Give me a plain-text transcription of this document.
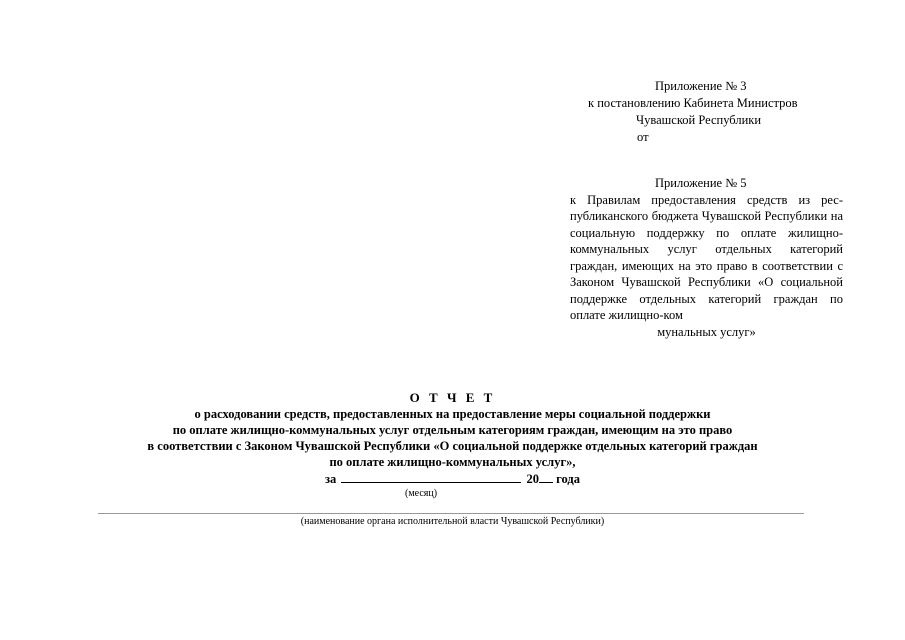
Приложение № 3
к постановлению Кабинета Министров
Чувашской Республики
от
Приложение № 5
к Правилам предоставления средств из республиканского бюджета Чувашской Республики на социальную поддержку по оплате жилищно-коммунальных услуг отдельных категорий граждан, имеющих на это право в соответствии с Законом Чувашской Республики «О социальной поддержке отдельных категорий граждан по оплате жилищно-ком
мунальных услуг»
О Т Ч Е Т
о расходовании средств, предоставленных на предоставление меры социальной поддержки
по оплате жилищно-коммунальных услуг отдельным категориям граждан, имеющим на это право
в соответствии с Законом Чувашской Республики «О социальной поддержке отдельных категорий граждан
по оплате жилищно-коммунальных услуг»,
за	20 года
(месяц)
(наименование органа исполнительной власти Чувашской Республики)
